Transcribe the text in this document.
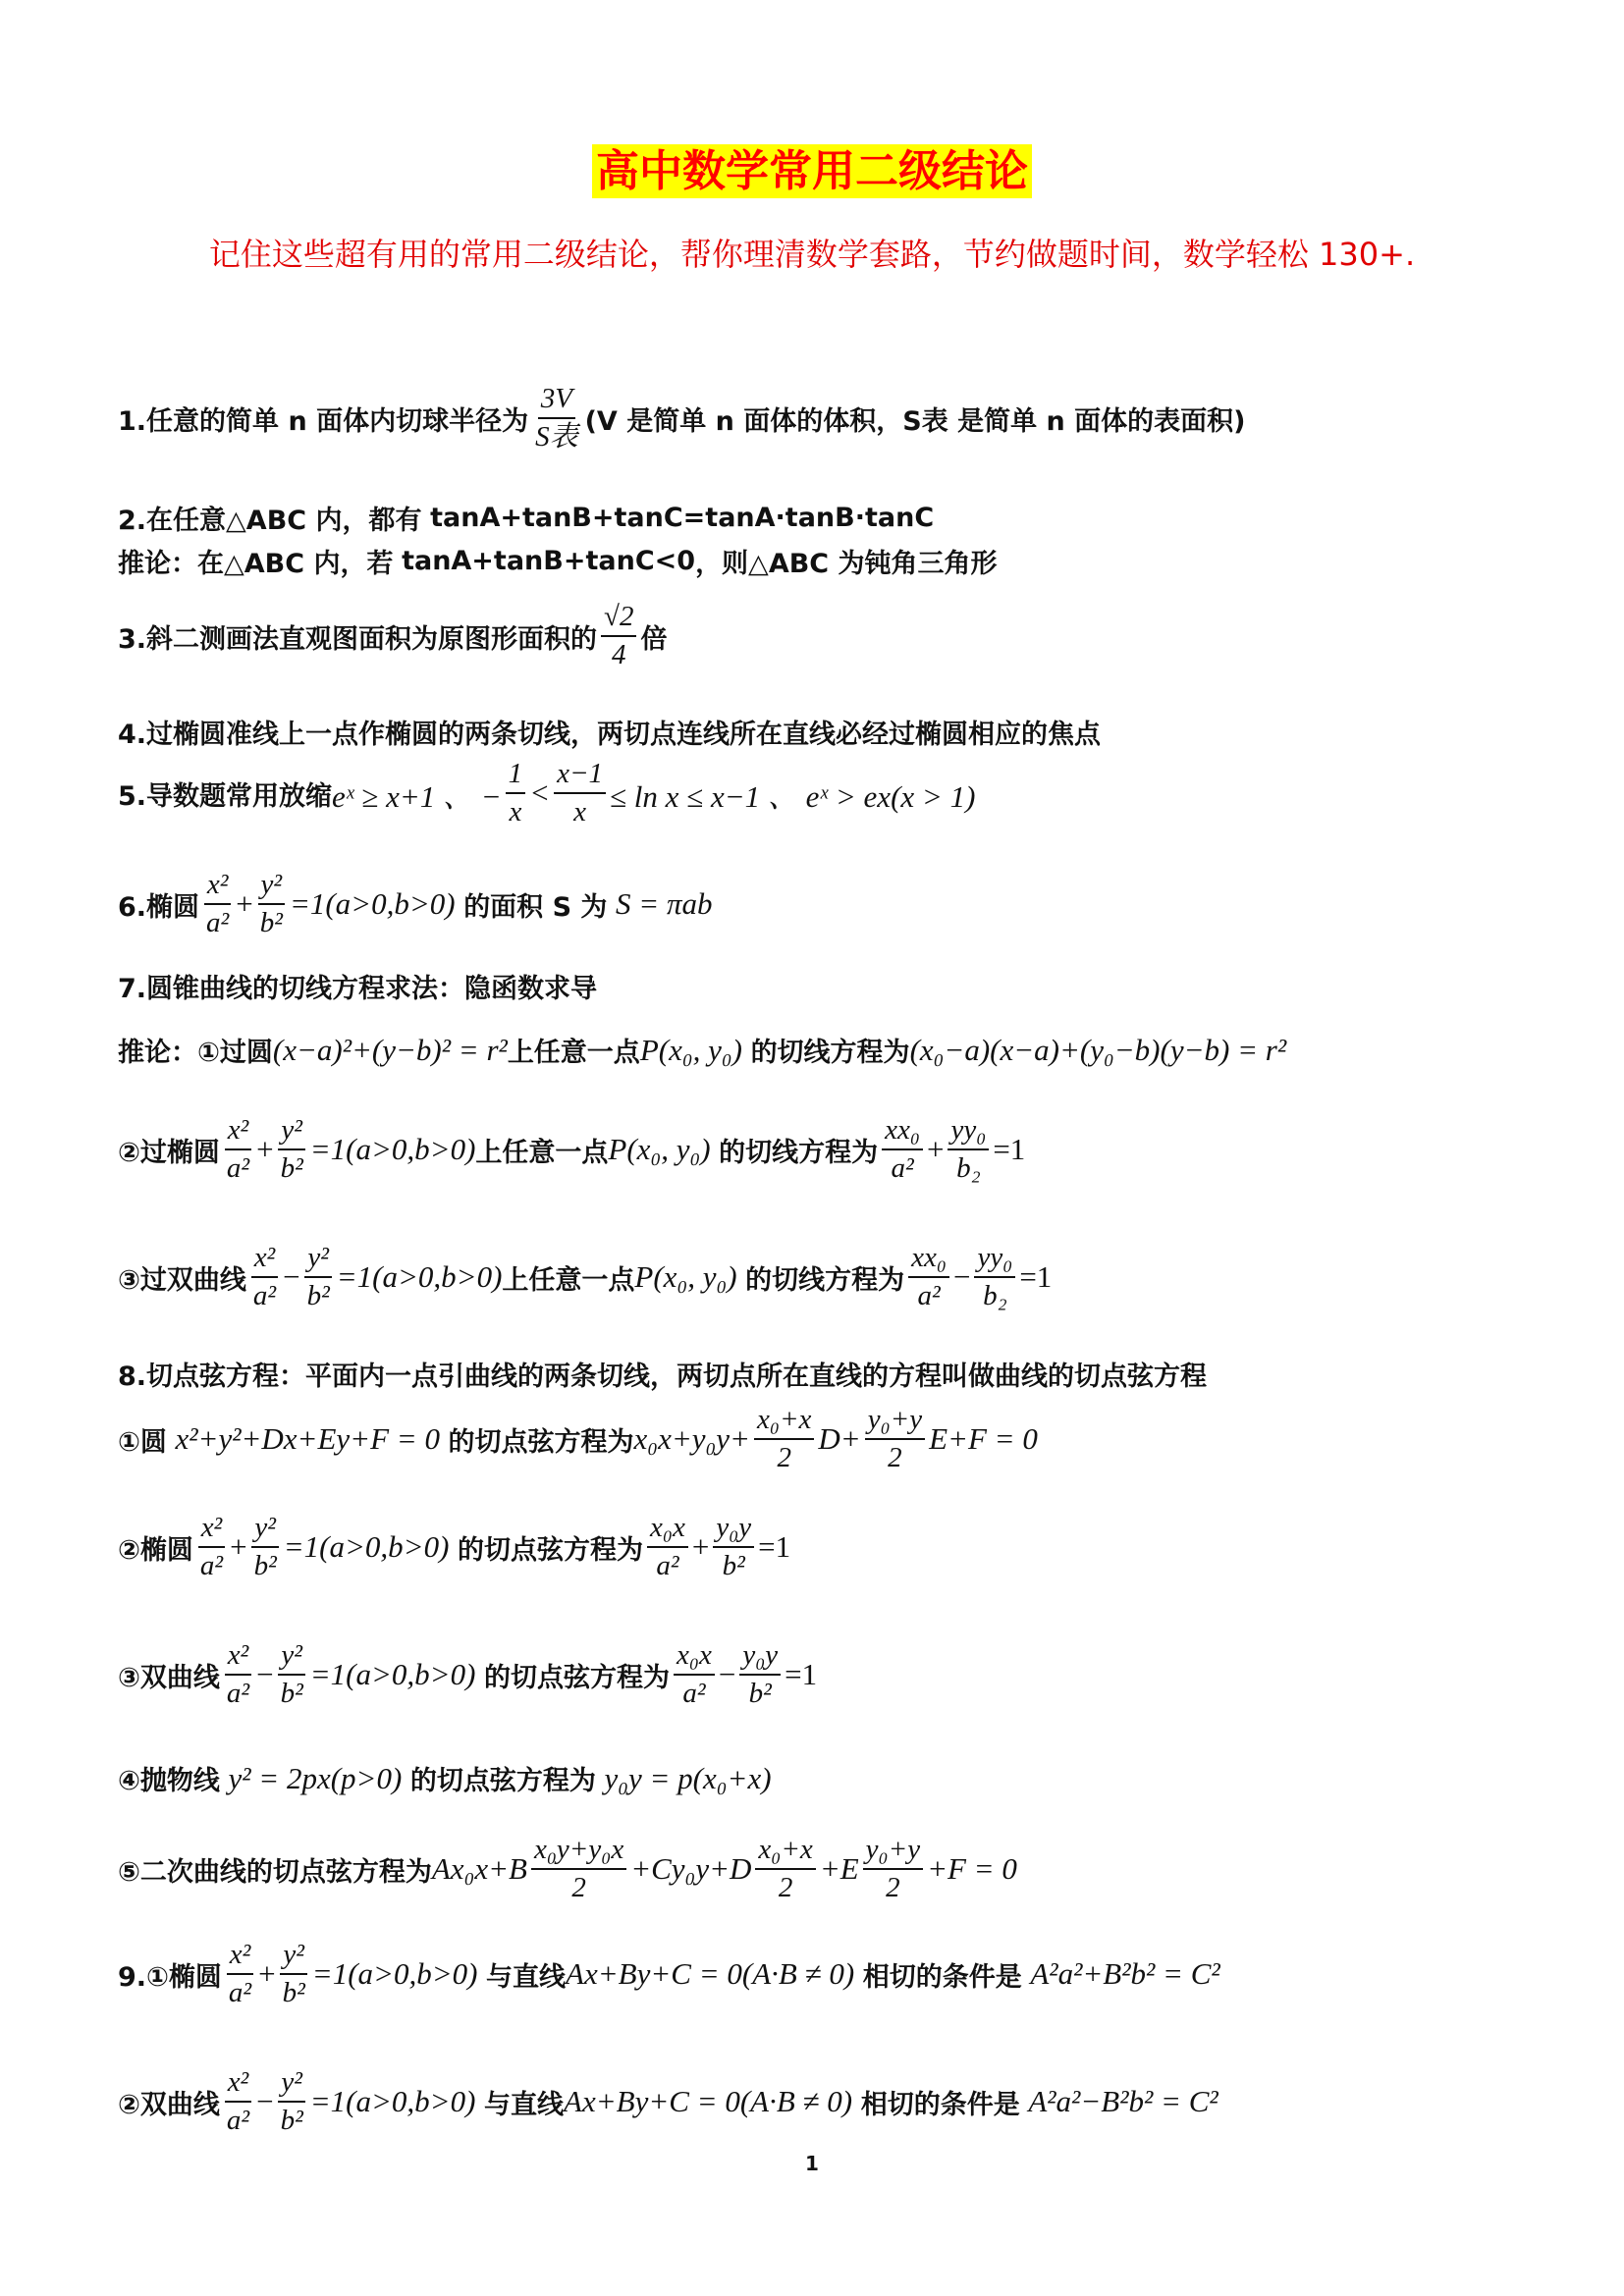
高中数学常用二级结论
记住这些超有用的常用二级结论，帮你理清数学套路，节约做题时间，数学轻松 130+.
1.任意的简单 n 面体内切球半径为 $\frac{3V}{\text{S表}} (V$ 是简单 n 面体的体积，S表 是简单 n 面体的表面积)
2.在任意△ABC 内，都有
tanA+tanB+tanC=tanA·tanB·tanC
推论：在△ABC 内，若
tanA+tanB+tanC<0 ，则△ABC 为钝角三角形
3.斜二测画法直观图面积为原图形面积的 $\frac{√2}{4}$ 倍
4.过椭圆准线上一点作椭圆的两条切线，两切点连线所在直线必经过椭圆相应的焦点
5.导数题常用放缩 eˣ ≥ x+1 、 − $\frac{1}{x} < \frac{x-1}{x} \le \ln x \le x-1$ 、 eˣ > ex(x > 1)
6.椭圆 $\frac{\text{x²}}{\text{a²}} + \frac{\text{y²}}{\text{b²}} =1(a>0,b>0)$
的面积 S 为
S = πab
7.圆锥曲线的切线方程求法：隐函数求导
推论：①过圆 (x−a)²+(y−b)² = r² 上任意一点 P(x₀, y₀)
的切线方程为 (x₀−a)(x−a)+(y₀−b)(y−b) = r²
②过椭圆 $\frac{\text{x²}}{\text{a²}} + \frac{\text{y²}}{\text{b²}} =1(a>0,b>0)$ 上任意一点 P(x₀, y₀)
的切线方程为 $\frac{\text{xx₀}}{\text{a²}} + \frac{\text{yy₀}}{\text{b₂}} =1$
③过双曲线 $\frac{\text{x²}}{\text{a²}} - \frac{\text{y²}}{\text{b²}} =1(a>0,b>0)$ 上任意一点 P(x₀, y₀)
的切线方程为 $\frac{\text{xx₀}}{\text{a²}} - \frac{\text{yy₀}}{\text{b₂}} =1$
8.切点弦方程：平面内一点引曲线的两条切线，两切点所在直线的方程叫做曲线的切点弦方程
①圆
x²+y²+Dx+Ey+F = 0
的切点弦方程为 $x_0x+y_0y+ \frac{\text{x₀+x}}{2} D+ \frac{\text{y₀+y}}{2} E+F = 0$
②椭圆 $\frac{\text{x²}}{\text{a²}} + \frac{\text{y²}}{\text{b²}} =1(a>0,b>0)$
的切点弦方程为 $\frac{\text{x₀x}}{\text{a²}} + \frac{\text{y₀y}}{\text{b²}} =1$
③双曲线 $\frac{\text{x²}}{\text{a²}} - \frac{\text{y²}}{\text{b²}} =1(a>0,b>0)$
的切点弦方程为 $\frac{\text{x₀x}}{\text{a²}} - \frac{\text{y₀y}}{\text{b²}} =1$
④抛物线
y² = 2px(p>0)
的切点弦方程为
y₀y = p(x₀+x)
⑤二次曲线的切点弦方程为 $Ax_0x+B \frac{\text{x₀y+y₀x}}{2} +Cy_0y+D \frac{\text{x₀+x}}{2} +E \frac{\text{y₀+y}}{2} +F = 0$
9.①椭圆 $\frac{\text{x²}}{\text{a²}} + \frac{\text{y²}}{\text{b²}} =1(a>0,b>0)$
与直线 Ax+By+C = 0(A·B ≠ 0)
相切的条件是
A²a²+B²b² = C²
②双曲线 $\frac{\text{x²}}{\text{a²}} - \frac{\text{y²}}{\text{b²}} =1(a>0,b>0)$
与直线 Ax+By+C = 0(A·B ≠ 0)
相切的条件是
A²a²−B²b² = C²
1
